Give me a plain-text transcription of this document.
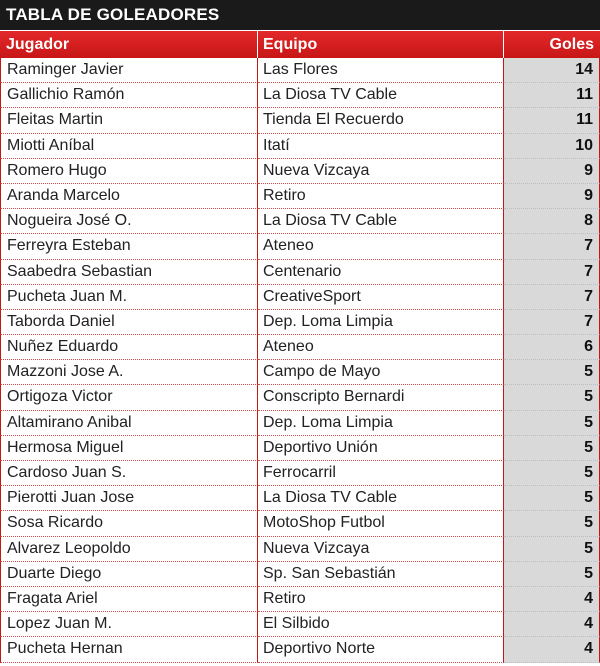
TABLA DE GOLEADORES
Jugador	Equipo	Goles
Raminger Javier	Las Flores	14
Gallichio Ramón	La Diosa TV Cable	11
Fleitas Martin	Tienda El Recuerdo	11
Miotti Aníbal	Itatí	10
Romero Hugo	Nueva Vizcaya	9
Aranda Marcelo	Retiro	9
Nogueira José O.	La Diosa TV Cable	8
Ferreyra Esteban	Ateneo	7
Saabedra Sebastian	Centenario	7
Pucheta Juan M.	CreativeSport	7
Taborda Daniel	Dep. Loma Limpia	7
Nuñez Eduardo	Ateneo	6
Mazzoni Jose A.	Campo de Mayo	5
Ortigoza Victor	Conscripto Bernardi	5
Altamirano Anibal	Dep. Loma Limpia	5
Hermosa Miguel	Deportivo Unión	5
Cardoso Juan S.	Ferrocarril	5
Pierotti Juan Jose	La Diosa TV Cable	5
Sosa Ricardo	MotoShop Futbol	5
Alvarez Leopoldo	Nueva Vizcaya	5
Duarte Diego	Sp. San Sebastián	5
Fragata Ariel	Retiro	4
Lopez Juan M.	El Silbido	4
Pucheta Hernan	Deportivo Norte	4
